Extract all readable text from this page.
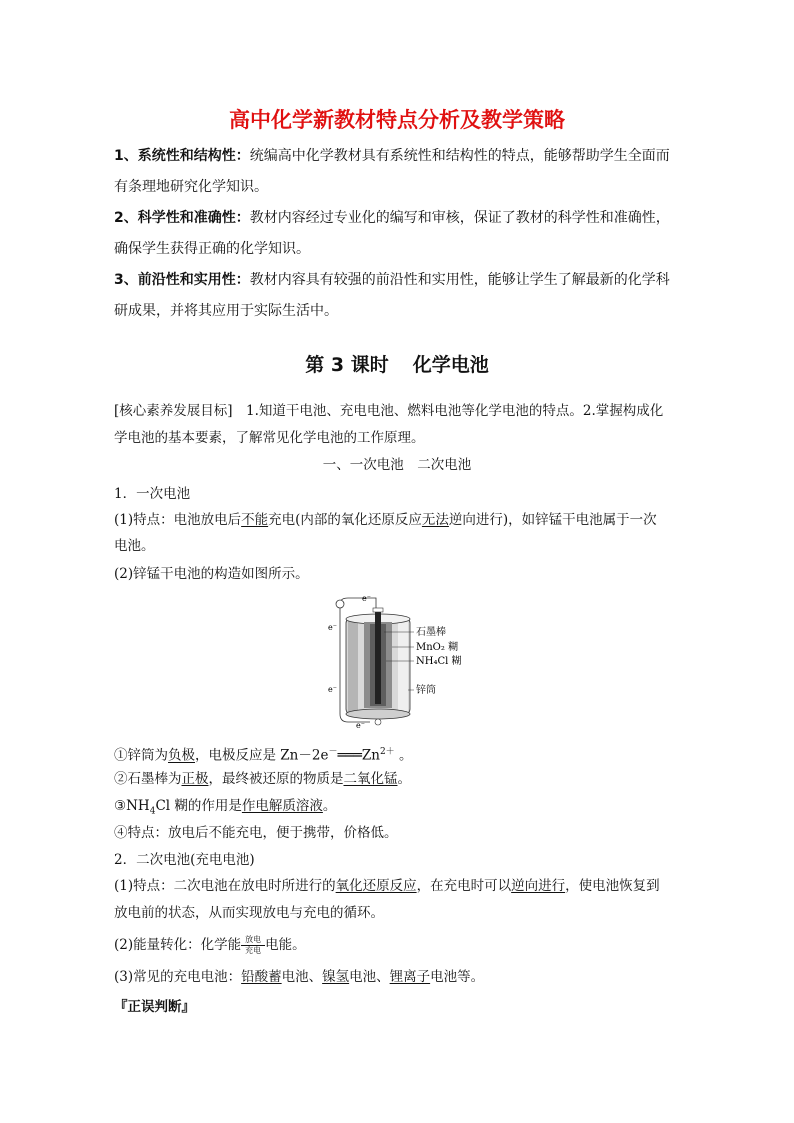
高中化学新教材特点分析及教学策略
1、系统性和结构性：统编高中化学教材具有系统性和结构性的特点，能够帮助学生全面而
有条理地研究化学知识。
2、科学性和准确性：教材内容经过专业化的编写和审核，保证了教材的科学性和准确性，
确保学生获得正确的化学知识。
3、前沿性和实用性：教材内容具有较强的前沿性和实用性，能够让学生了解最新的化学科
研成果，并将其应用于实际生活中。
第 3 课时 化学电池
[核心素养发展目标]　1.知道干电池、充电电池、燃料电池等化学电池的特点。2.掌握构成化
学电池的基本要素，了解常见化学电池的工作原理。
一、一次电池　二次电池
1．一次电池
(1)特点：电池放电后不能充电(内部的氧化还原反应无法逆向进行)，如锌锰干电池属于一次
电池。
(2)锌锰干电池的构造如图所示。
石墨棒
MnO₂ 糊
NH₄Cl 糊
锌筒
e⁻
e⁻
e⁻
e⁻
①锌筒为负极，电极反应是 $Zn-2e^-═══Zn^{2+}$ 。
②石墨棒为正极，最终被还原的物质是二氧化锰。
$③NH_4Cl$ 糊的作用是作电解质溶液。
④特点：放电后不能充电，便于携带，价格低。
2．二次电池(充电电池)
(1)特点：二次电池在放电时所进行的氧化还原反应，在充电时可以逆向进行，使电池恢复到
放电前的状态，从而实现放电与充电的循环。
(2)能量转化：化学能 放电
充电 电能。
(3)常见的充电电池：铅酸蓄电池、镍氢电池、锂离子电池等。
『正误判断』
